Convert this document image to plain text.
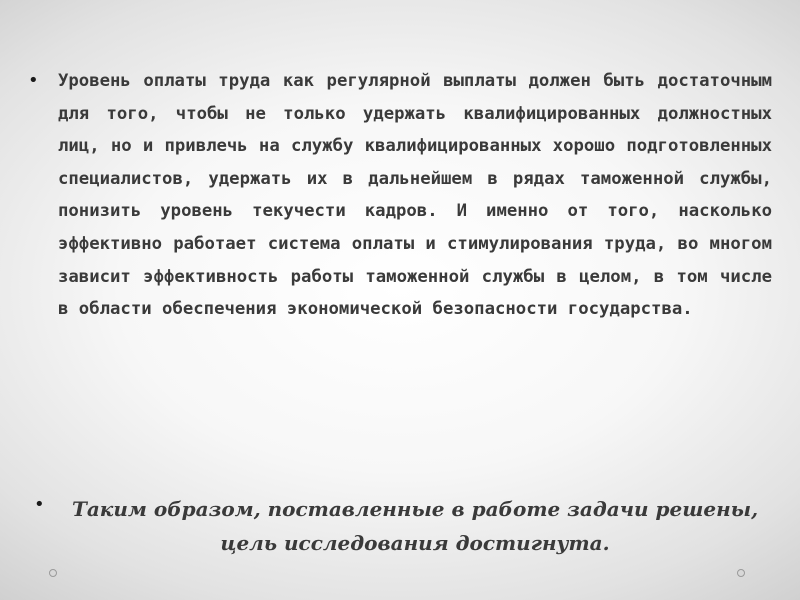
• Уровень оплаты труда как регулярной выплаты должен быть достаточным для того, чтобы не только удержать квалифицированных должностных лиц, но и привлечь на службу квалифицированных хорошо подготовленных специалистов, удержать их в дальнейшем в рядах таможенной службы, понизить уровень текучести кадров. И именно от того, насколько эффективно работает система оплаты и стимулирования труда, во многом зависит эффективность работы таможенной службы в целом, в том числе в области обеспечения экономической безопасности государства.
•	Таким образом, поставленные в работе задачи решены, цель исследования достигнута.
